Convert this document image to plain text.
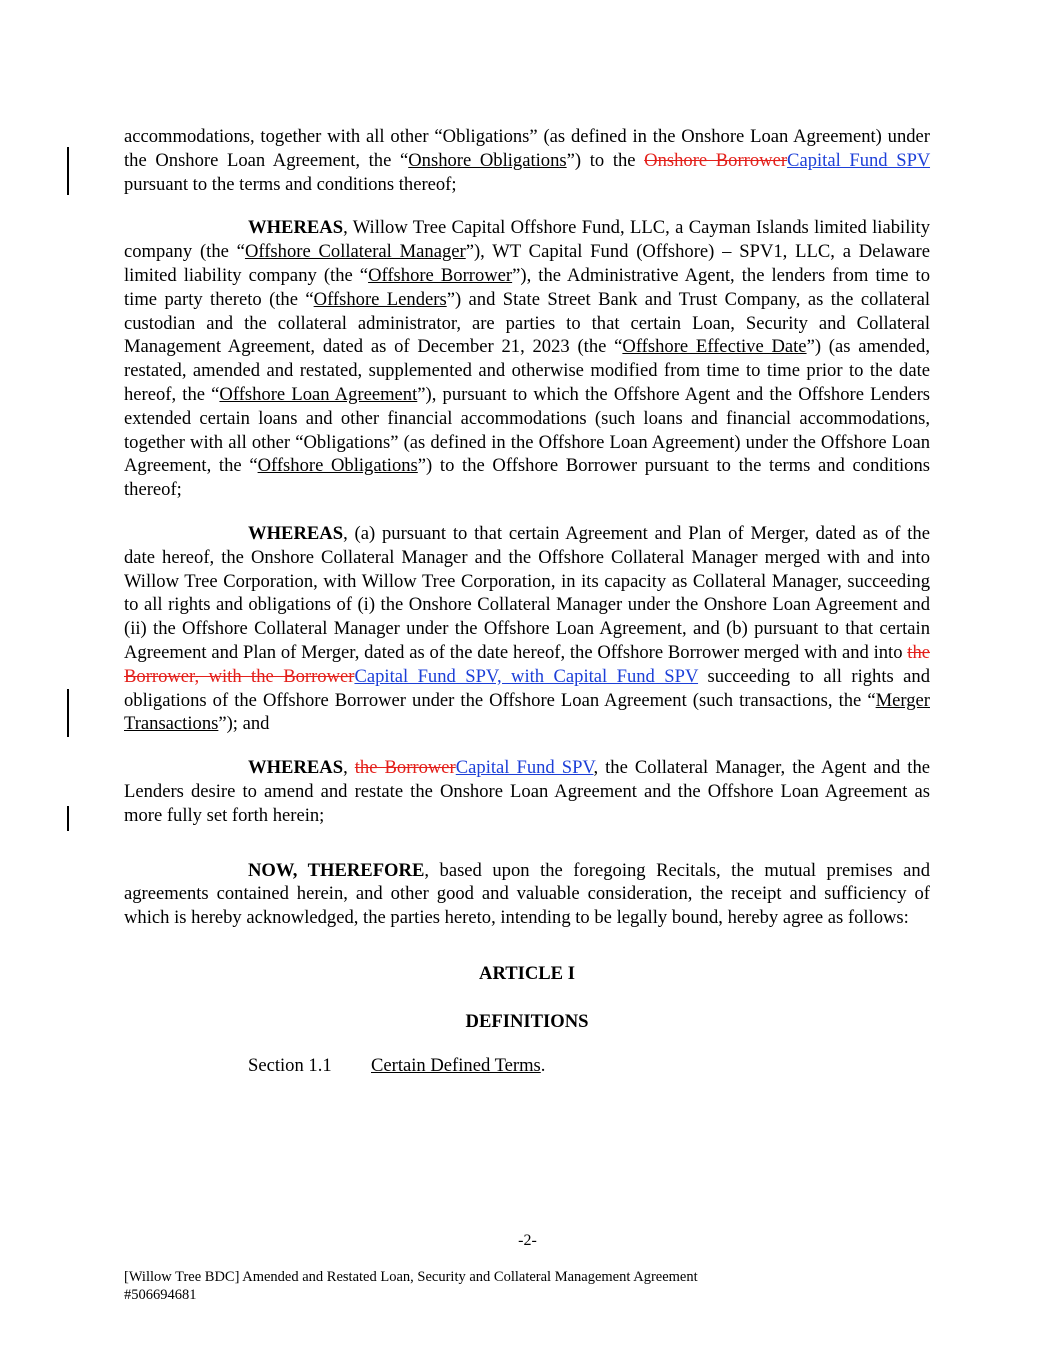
accommodations, together with all other “Obligations” (as defined in the Onshore Loan Agreement) under the Onshore Loan Agreement, the “Onshore Obligations”) to the Onshore BorrowerCapital Fund SPV pursuant to the terms and conditions thereof;

WHEREAS, Willow Tree Capital Offshore Fund, LLC, a Cayman Islands limited liability company (the “Offshore Collateral Manager”), WT Capital Fund (Offshore) – SPV1, LLC, a Delaware limited liability company (the “Offshore Borrower”), the Administrative Agent, the lenders from time to time party thereto (the “Offshore Lenders”) and State Street Bank and Trust Company, as the collateral custodian and the collateral administrator, are parties to that certain Loan, Security and Collateral Management Agreement, dated as of December 21, 2023 (the “Offshore Effective Date”) (as amended, restated, amended and restated, supplemented and otherwise modified from time to time prior to the date hereof, the “Offshore Loan Agreement”), pursuant to which the Offshore Agent and the Offshore Lenders extended certain loans and other financial accommodations (such loans and financial accommodations, together with all other “Obligations” (as defined in the Offshore Loan Agreement) under the Offshore Loan Agreement, the “Offshore Obligations”) to the Offshore Borrower pursuant to the terms and conditions thereof;

WHEREAS, (a) pursuant to that certain Agreement and Plan of Merger, dated as of the date hereof, the Onshore Collateral Manager and the Offshore Collateral Manager merged with and into Willow Tree Corporation, with Willow Tree Corporation, in its capacity as Collateral Manager, succeeding to all rights and obligations of (i) the Onshore Collateral Manager under the Onshore Loan Agreement and (ii) the Offshore Collateral Manager under the Offshore Loan Agreement, and (b) pursuant to that certain Agreement and Plan of Merger, dated as of the date hereof, the Offshore Borrower merged with and into the Borrower, with the BorrowerCapital Fund SPV, with Capital Fund SPV succeeding to all rights and obligations of the Offshore Borrower under the Offshore Loan Agreement (such transactions, the “Merger Transactions”); and

WHEREAS, the BorrowerCapital Fund SPV, the Collateral Manager, the Agent and the Lenders desire to amend and restate the Onshore Loan Agreement and the Offshore Loan Agreement as more fully set forth herein;

NOW, THEREFORE, based upon the foregoing Recitals, the mutual premises and agreements contained herein, and other good and valuable consideration, the receipt and sufficiency of which is hereby acknowledged, the parties hereto, intending to be legally bound, hereby agree as follows:

ARTICLE I

DEFINITIONS

Section 1.1 Certain Defined Terms.

-2-
[Willow Tree BDC] Amended and Restated Loan, Security and Collateral Management Agreement
#506694681
